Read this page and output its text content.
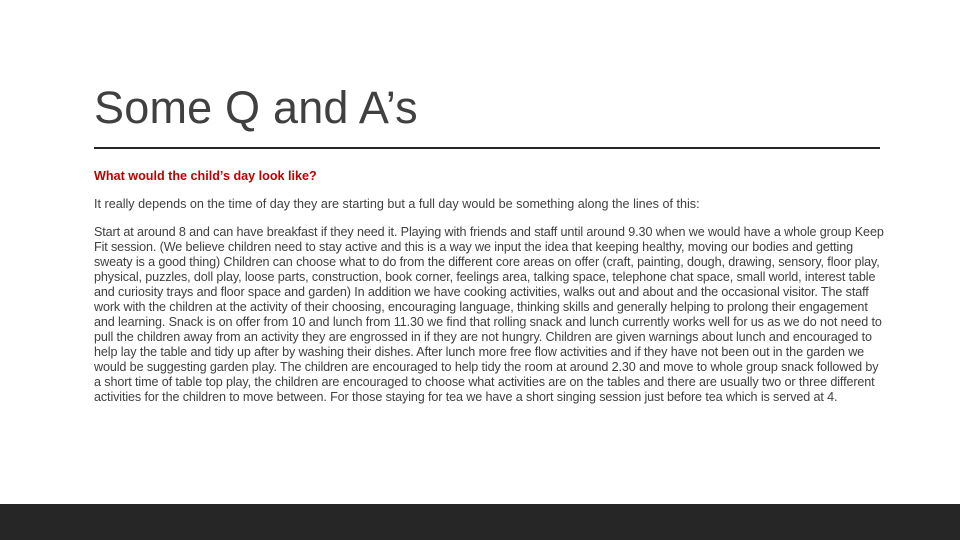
Some Q and A’s

What would the child’s day look like?

It really depends on the time of day they are starting but a full day would be something along the lines of this:

Start at around 8 and can have breakfast if they need it. Playing with friends and staff until around 9.30 when we would have a whole group Keep Fit session. (We believe children need to stay active and this is a way we input the idea that keeping healthy, moving our bodies and getting sweaty is a good thing) Children can choose what to do from the different core areas on offer (craft, painting, dough, drawing, sensory, floor play, physical, puzzles, doll play, loose parts, construction, book corner, feelings area, talking space, telephone chat space, small world, interest table and curiosity trays and floor space and garden) In addition we have cooking activities, walks out and about and the occasional visitor. The staff work with the children at the activity of their choosing, encouraging language, thinking skills and generally helping to prolong their engagement and learning. Snack is on offer from 10 and lunch from 11.30 we find that rolling snack and lunch currently works well for us as we do not need to pull the children away from an activity they are engrossed in if they are not hungry. Children are given warnings about lunch and encouraged to help lay the table and tidy up after by washing their dishes. After lunch more free flow activities and if they have not been out in the garden we would be suggesting garden play. The children are encouraged to help tidy the room at around 2.30 and move to whole group snack followed by a short time of table top play, the children are encouraged to choose what activities are on the tables and there are usually two or three different activities for the children to move between. For those staying for tea we have a short singing session just before tea which is served at 4.
